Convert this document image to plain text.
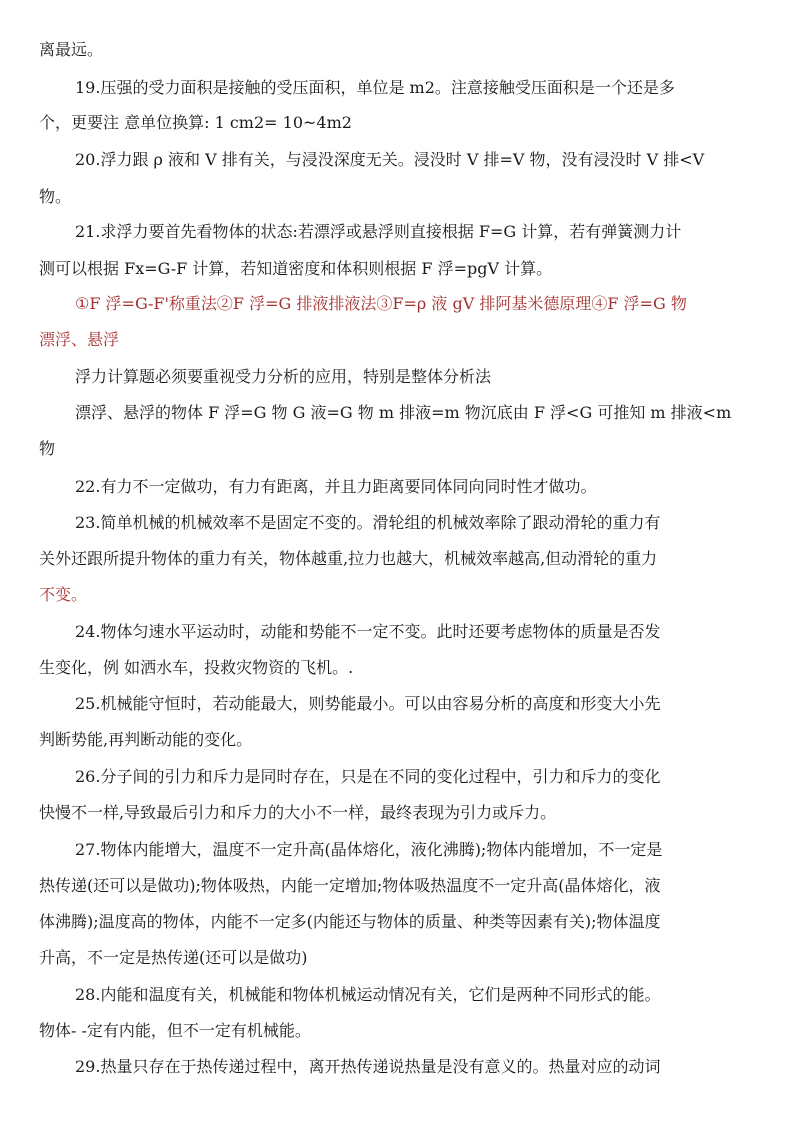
离最远。
19.压强的受力面积是接触的受压面积，单位是 m2。注意接触受压面积是一个还是多
个，更要注 意单位换算: 1 cm2= 10~4m2
20.浮力跟 ρ 液和 V 排有关，与浸没深度无关。浸没时 V 排=V 物，没有浸没时 V 排<V
物。
21.求浮力要首先看物体的状态:若漂浮或悬浮则直接根据 F=G 计算，若有弹簧测力计
测可以根据 Fx=G-F 计算，若知道密度和体积则根据 F 浮=pgV 计算。
①F 浮=G-F'称重法②F 浮=G 排液排液法③F=ρ 液 gV 排阿基米德原理④F 浮=G 物
漂浮、悬浮
浮力计算题必须要重视受力分析的应用，特别是整体分析法
漂浮、悬浮的物体 F 浮=G 物 G 液=G 物 m 排液=m 物沉底由 F 浮<G 可推知 m 排液<m
物
22.有力不一定做功，有力有距离，并且力距离要同体同向同时性才做功。
23.简单机械的机械效率不是固定不变的。滑轮组的机械效率除了跟动滑轮的重力有
关外还跟所提升物体的重力有关，物体越重,拉力也越大，机械效率越高,但动滑轮的重力
不变。
24.物体匀速水平运动时，动能和势能不一定不变。此时还要考虑物体的质量是否发
生变化，例 如洒水车，投救灾物资的飞机。.
25.机械能守恒时，若动能最大，则势能最小。可以由容易分析的高度和形变大小先
判断势能,再判断动能的变化。
26.分子间的引力和斥力是同时存在，只是在不同的变化过程中，引力和斥力的变化
快慢不一样,导致最后引力和斥力的大小不一样，最终表现为引力或斥力。
27.物体内能增大，温度不一定升高(晶体熔化，液化沸腾);物体内能增加，不一定是
热传递(还可以是做功);物体吸热，内能一定增加;物体吸热温度不一定升高(晶体熔化，液
体沸腾);温度高的物体，内能不一定多(内能还与物体的质量、种类等因素有关);物体温度
升高，不一定是热传递(还可以是做功)
28.内能和温度有关，机械能和物体机械运动情况有关，它们是两种不同形式的能。
物体- -定有内能，但不一定有机械能。
29.热量只存在于热传递过程中，离开热传递说热量是没有意义的。热量对应的动词
